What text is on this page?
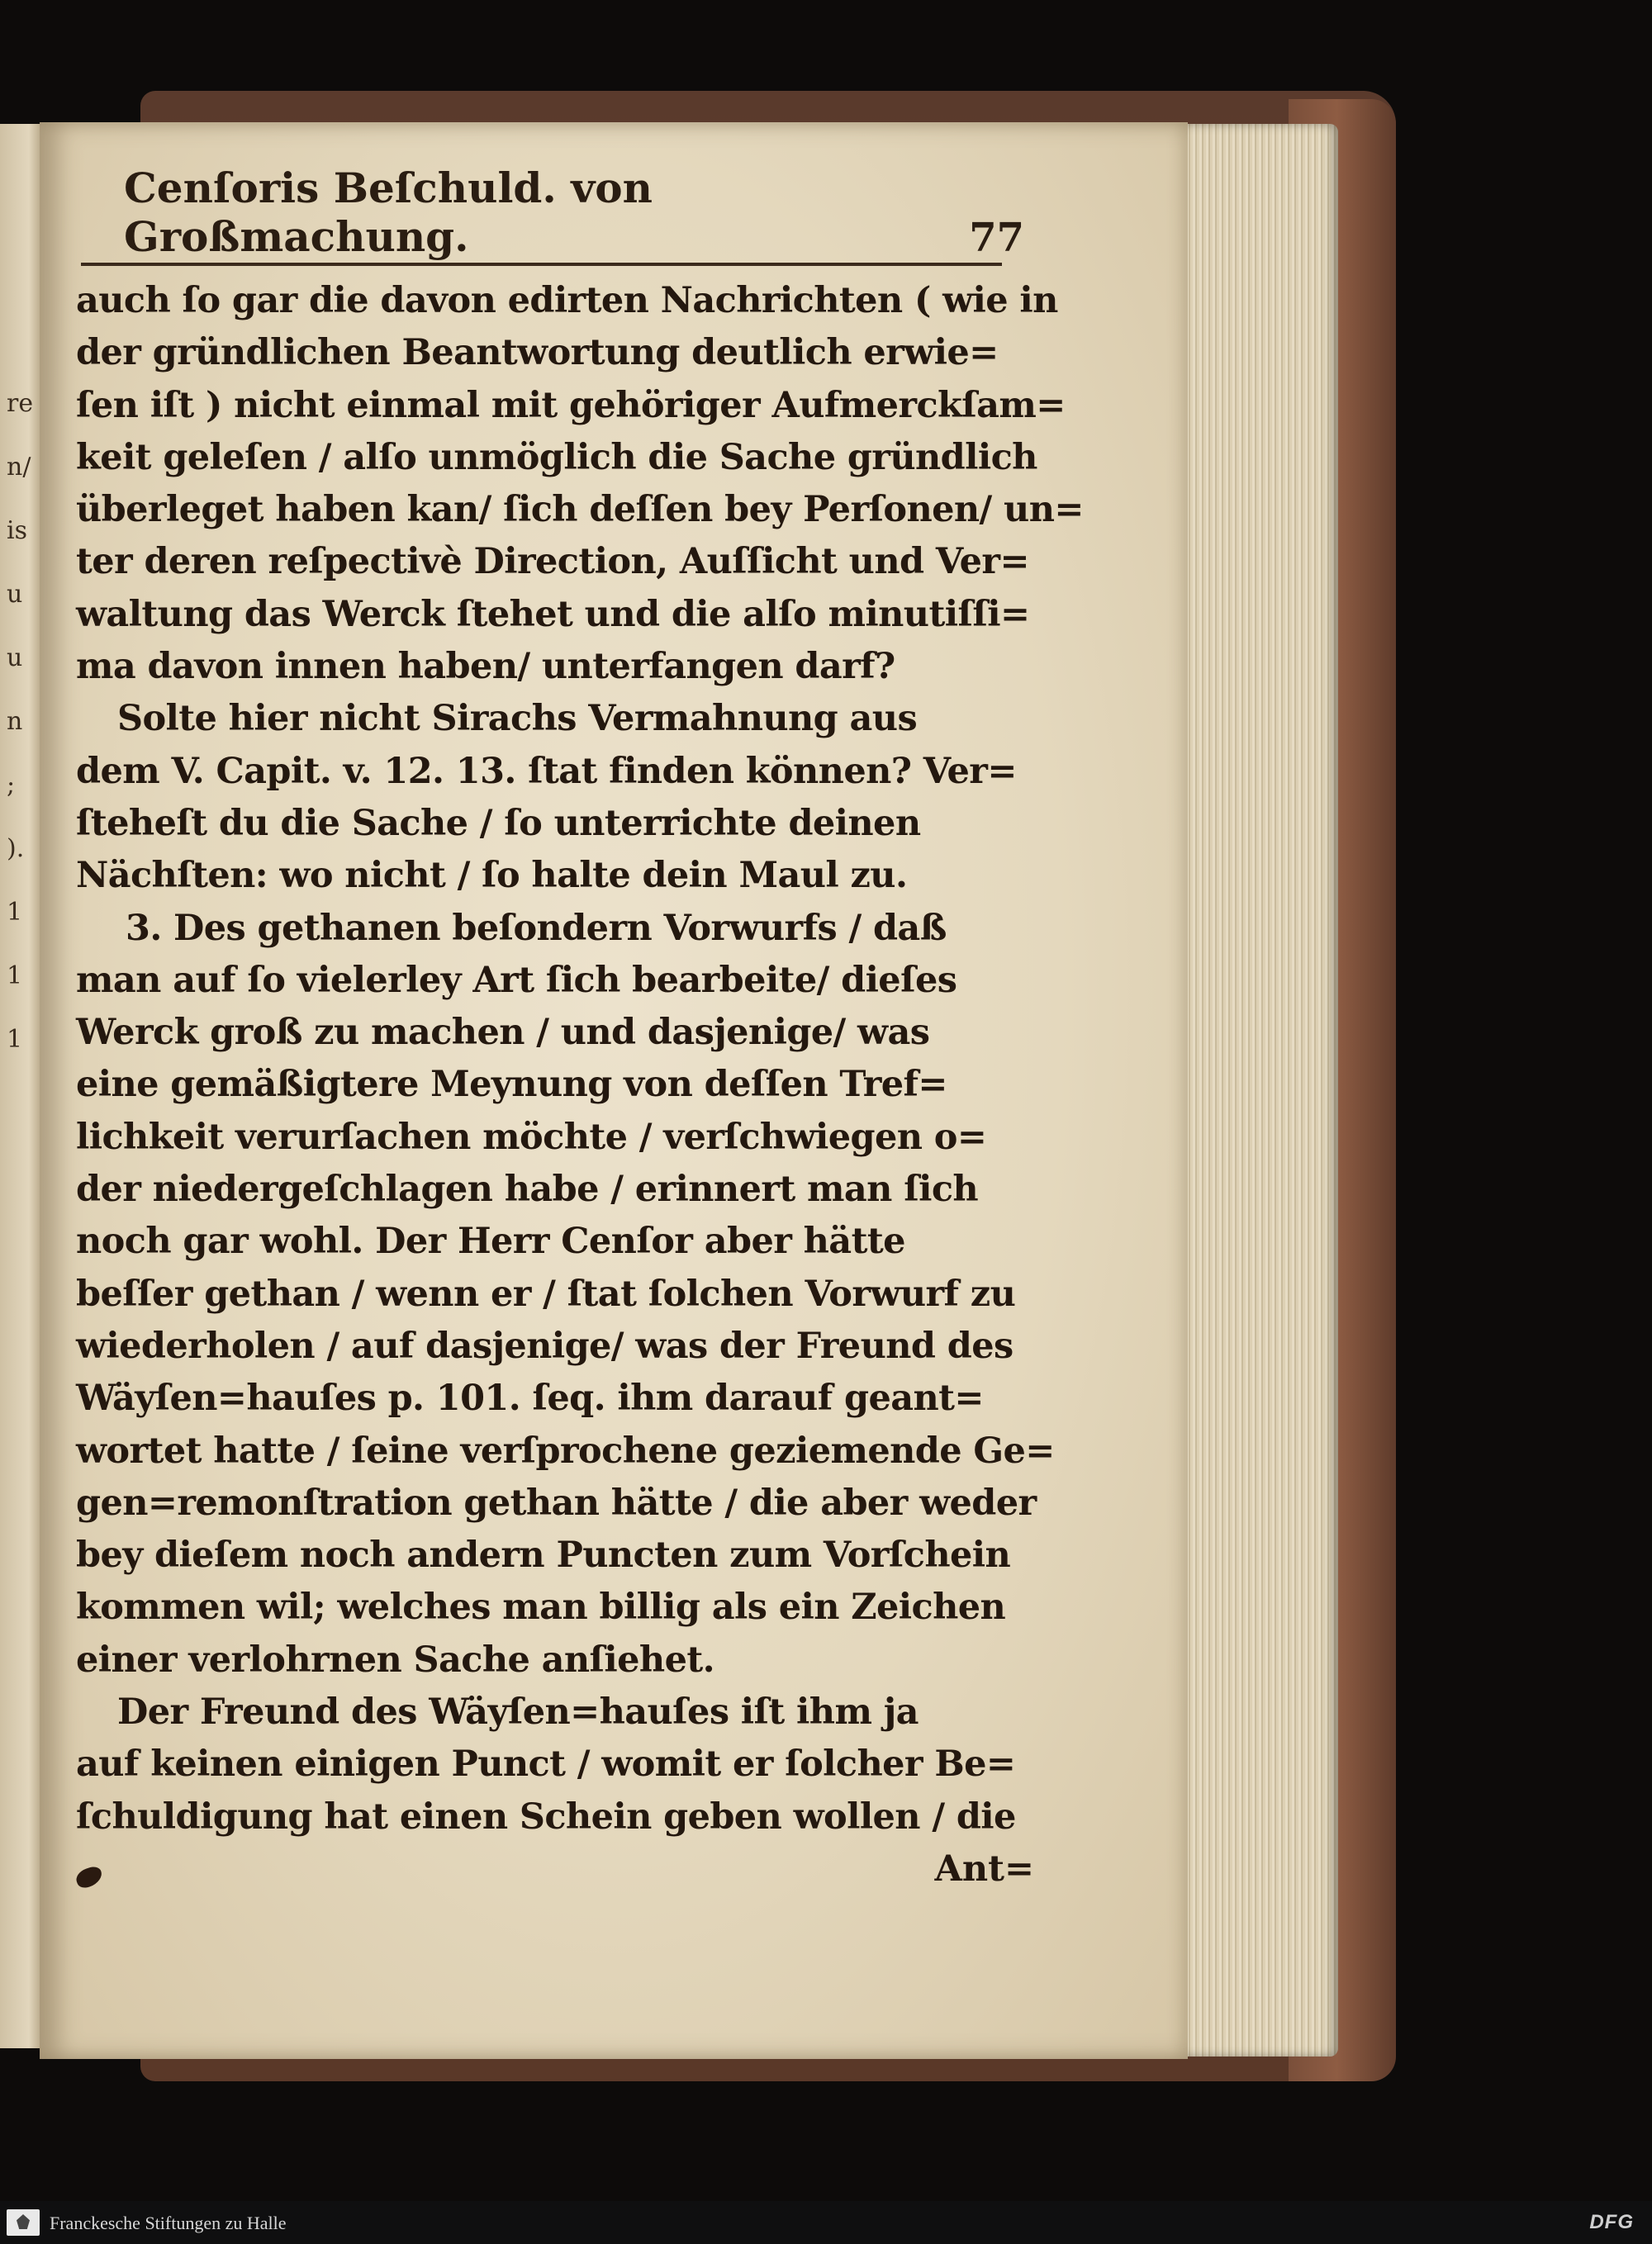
re
n/
is
u
u
n
;
).
1
1
1
Cenſoris Beſchuld. von Großmachung.	77
Ant=
auch ſo gar die davon edirten Nachrichten ( wie in
der gründlichen Beantwortung deutlich erwie=
ſen iſt ) nicht einmal mit gehöriger Aufmerckſam=
keit geleſen / alſo unmöglich die Sache gründlich
überleget haben kan/ ſich deſſen bey Perſonen/ un=
ter deren reſpectivè Direction, Auſſicht und Ver=
waltung das Werck ſtehet und die alſo minutiſſi=
ma davon innen haben/ unterfangen darf?
Solte hier nicht Sirachs Vermahnung aus
dem V. Capit. v. 12. 13. ſtat finden können? Ver=
ſteheſt du die Sache / ſo unterrichte deinen
Nächſten: wo nicht / ſo halte dein Maul zu.
3. Des gethanen beſondern Vorwurfs / daß
man auf ſo vielerley Art ſich bearbeite/ dieſes
Werck groß zu machen / und dasjenige/ was
eine gemäßigtere Meynung von deſſen Tref=
lichkeit verurſachen möchte / verſchwiegen o=
der niedergeſchlagen habe / erinnert man ſich
noch gar wohl. Der Herr Cenſor aber hätte
beſſer gethan / wenn er / ſtat ſolchen Vorwurf zu
wiederholen / auf dasjenige/ was der Freund des
Wäyſen=hauſes p. 101. ſeq. ihm darauf geant=
wortet hatte / ſeine verſprochene geziemende Ge=
gen=remonſtration gethan hätte / die aber weder
bey dieſem noch andern Puncten zum Vorſchein
kommen wil; welches man billig als ein Zeichen
einer verlohrnen Sache anſiehet.
Der Freund des Wäyſen=hauſes iſt ihm ja
auf keinen einigen Punct / womit er ſolcher Be=
ſchuldigung hat einen Schein geben wollen / die
Franckesche Stiftungen zu Halle	DFG
